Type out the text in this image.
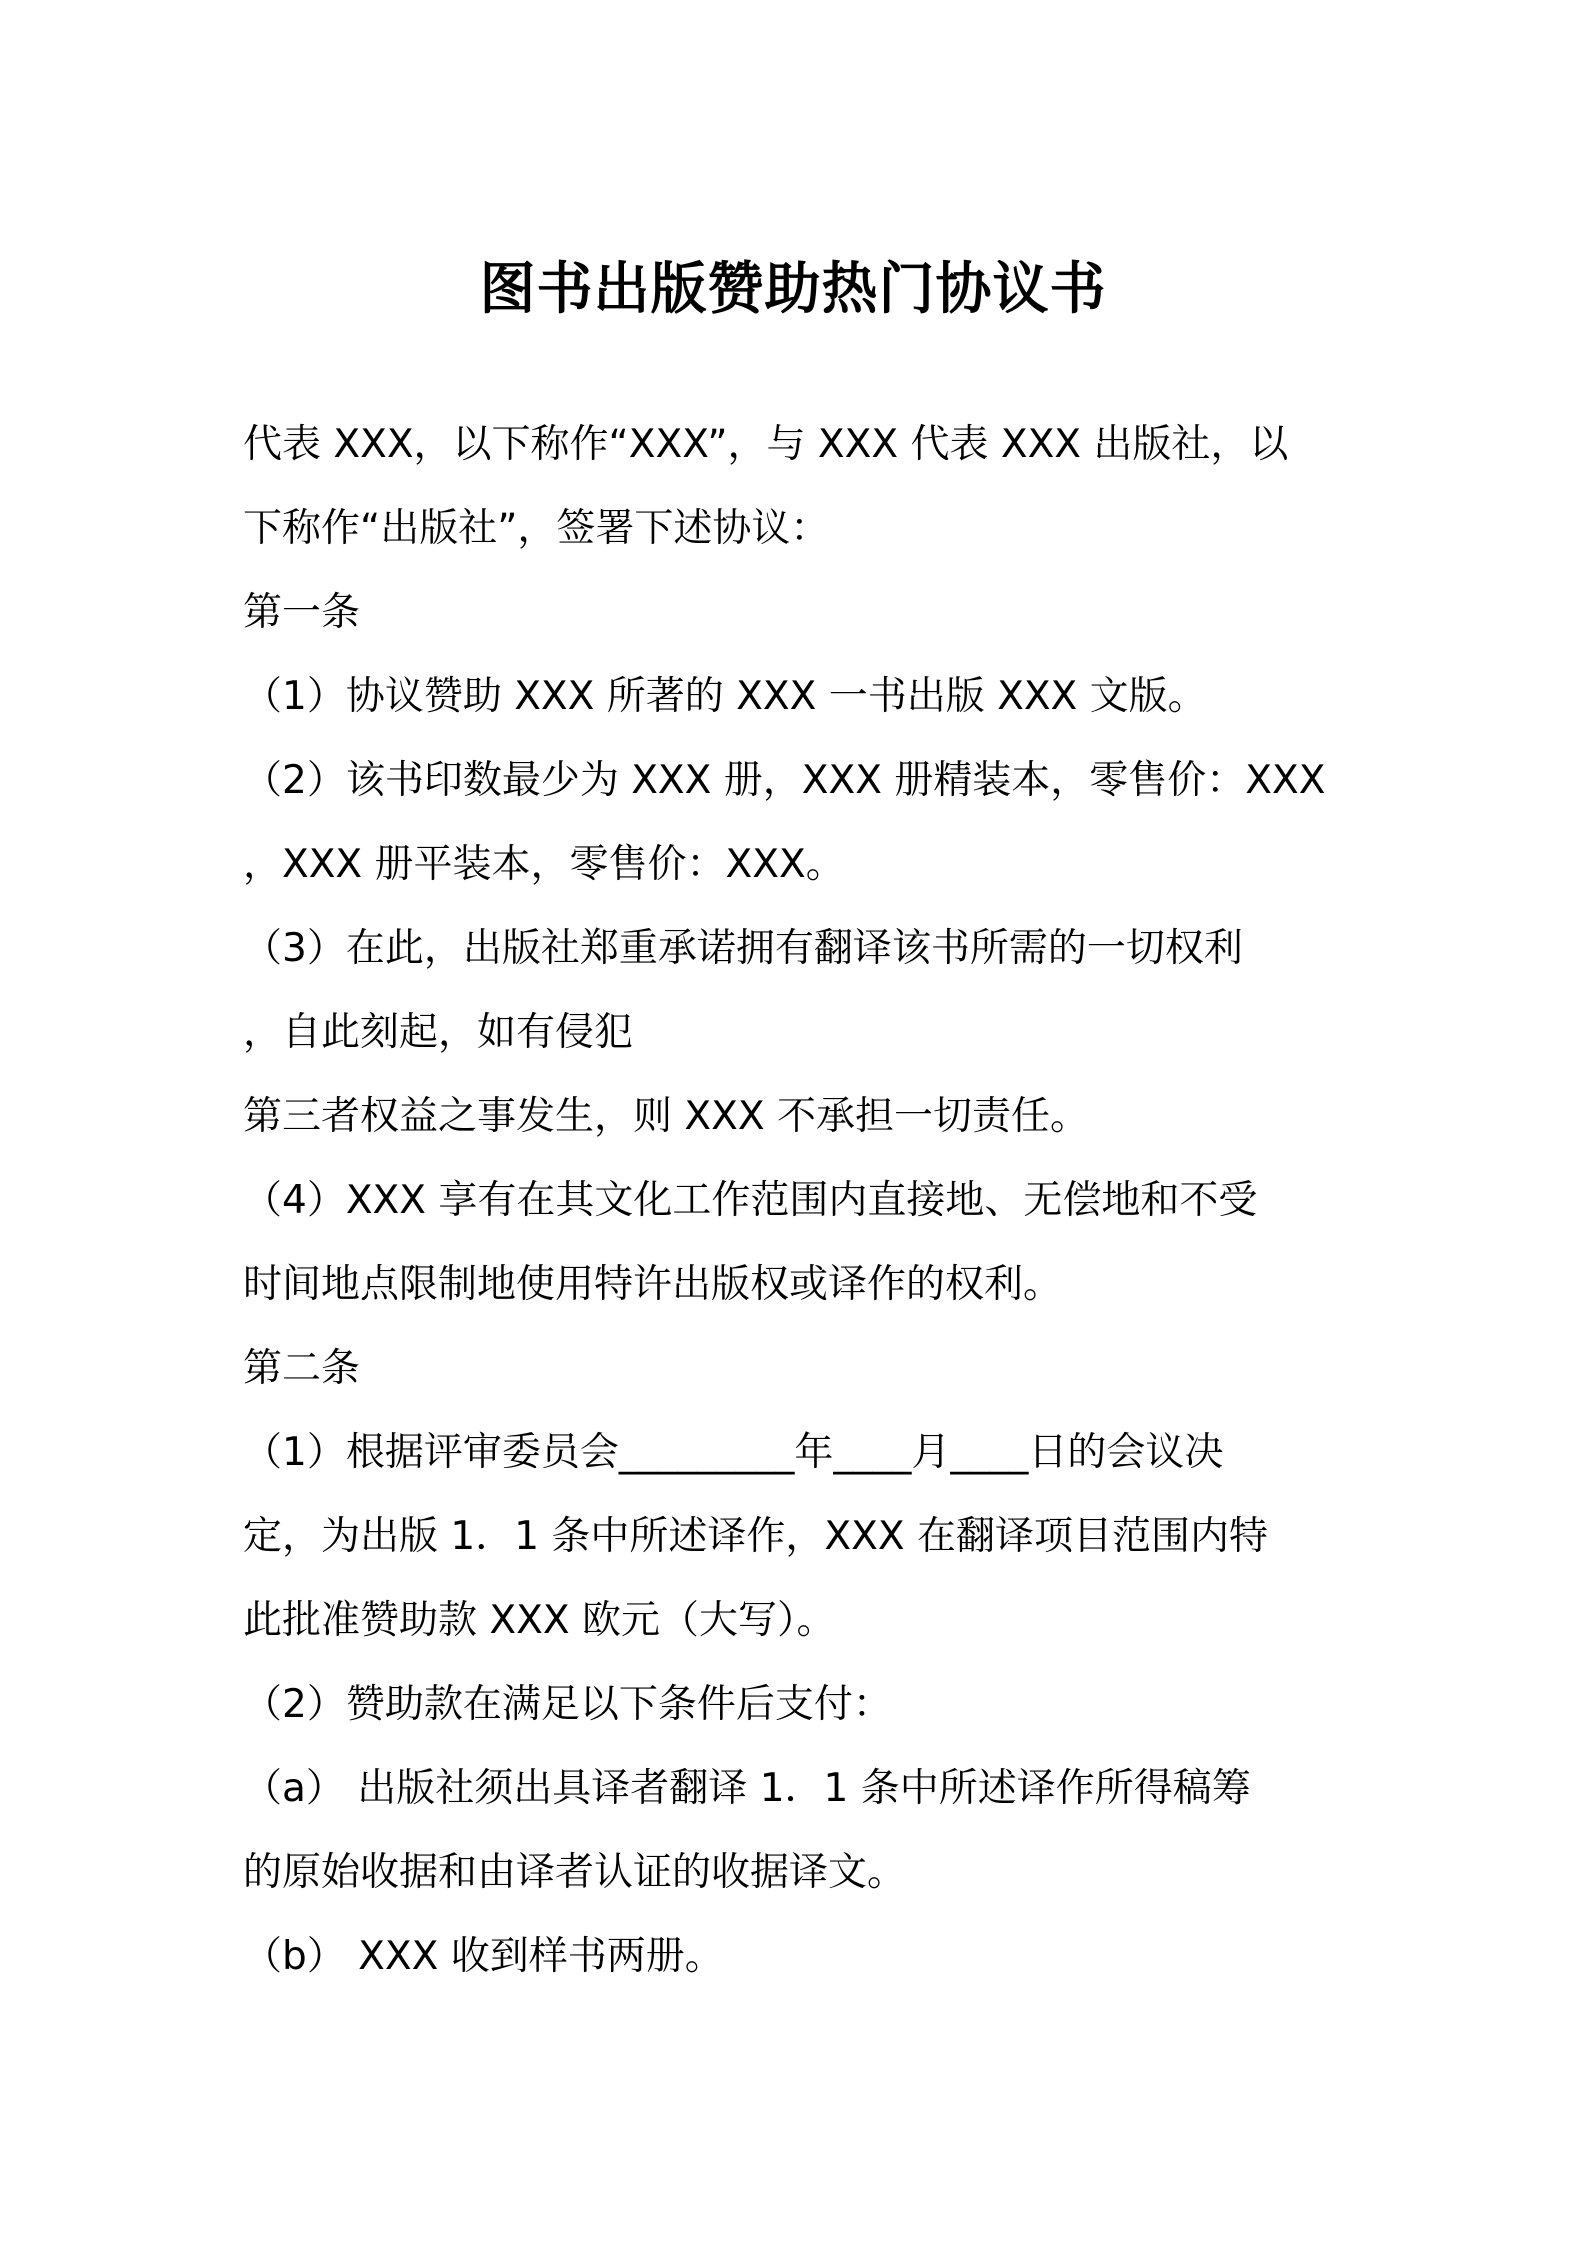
图书出版赞助热门协议书
代表 XXX，以下称作“XXX”，与 XXX 代表 XXX 出版社，以
下称作“出版社”，签署下述协议：
第一条
（1）协议赞助 XXX 所著的 XXX 一书出版 XXX 文版。
（2）该书印数最少为 XXX 册，XXX 册精装本，零售价：XXX
，XXX 册平装本，零售价：XXX。
（3）在此，出版社郑重承诺拥有翻译该书所需的一切权利
，自此刻起，如有侵犯
第三者权益之事发生，则 XXX 不承担一切责任。
（4）XXX 享有在其文化工作范围内直接地、无偿地和不受
时间地点限制地使用特许出版权或译作的权利。
第二条
（1）根据评审委员会_________年____月____日的会议决
定，为出版 1．1 条中所述译作，XXX 在翻译项目范围内特
此批准赞助款 XXX 欧元（大写）。
（2）赞助款在满足以下条件后支付：
（a） 出版社须出具译者翻译 1．1 条中所述译作所得稿筹
的原始收据和由译者认证的收据译文。
（b） XXX 收到样书两册。
